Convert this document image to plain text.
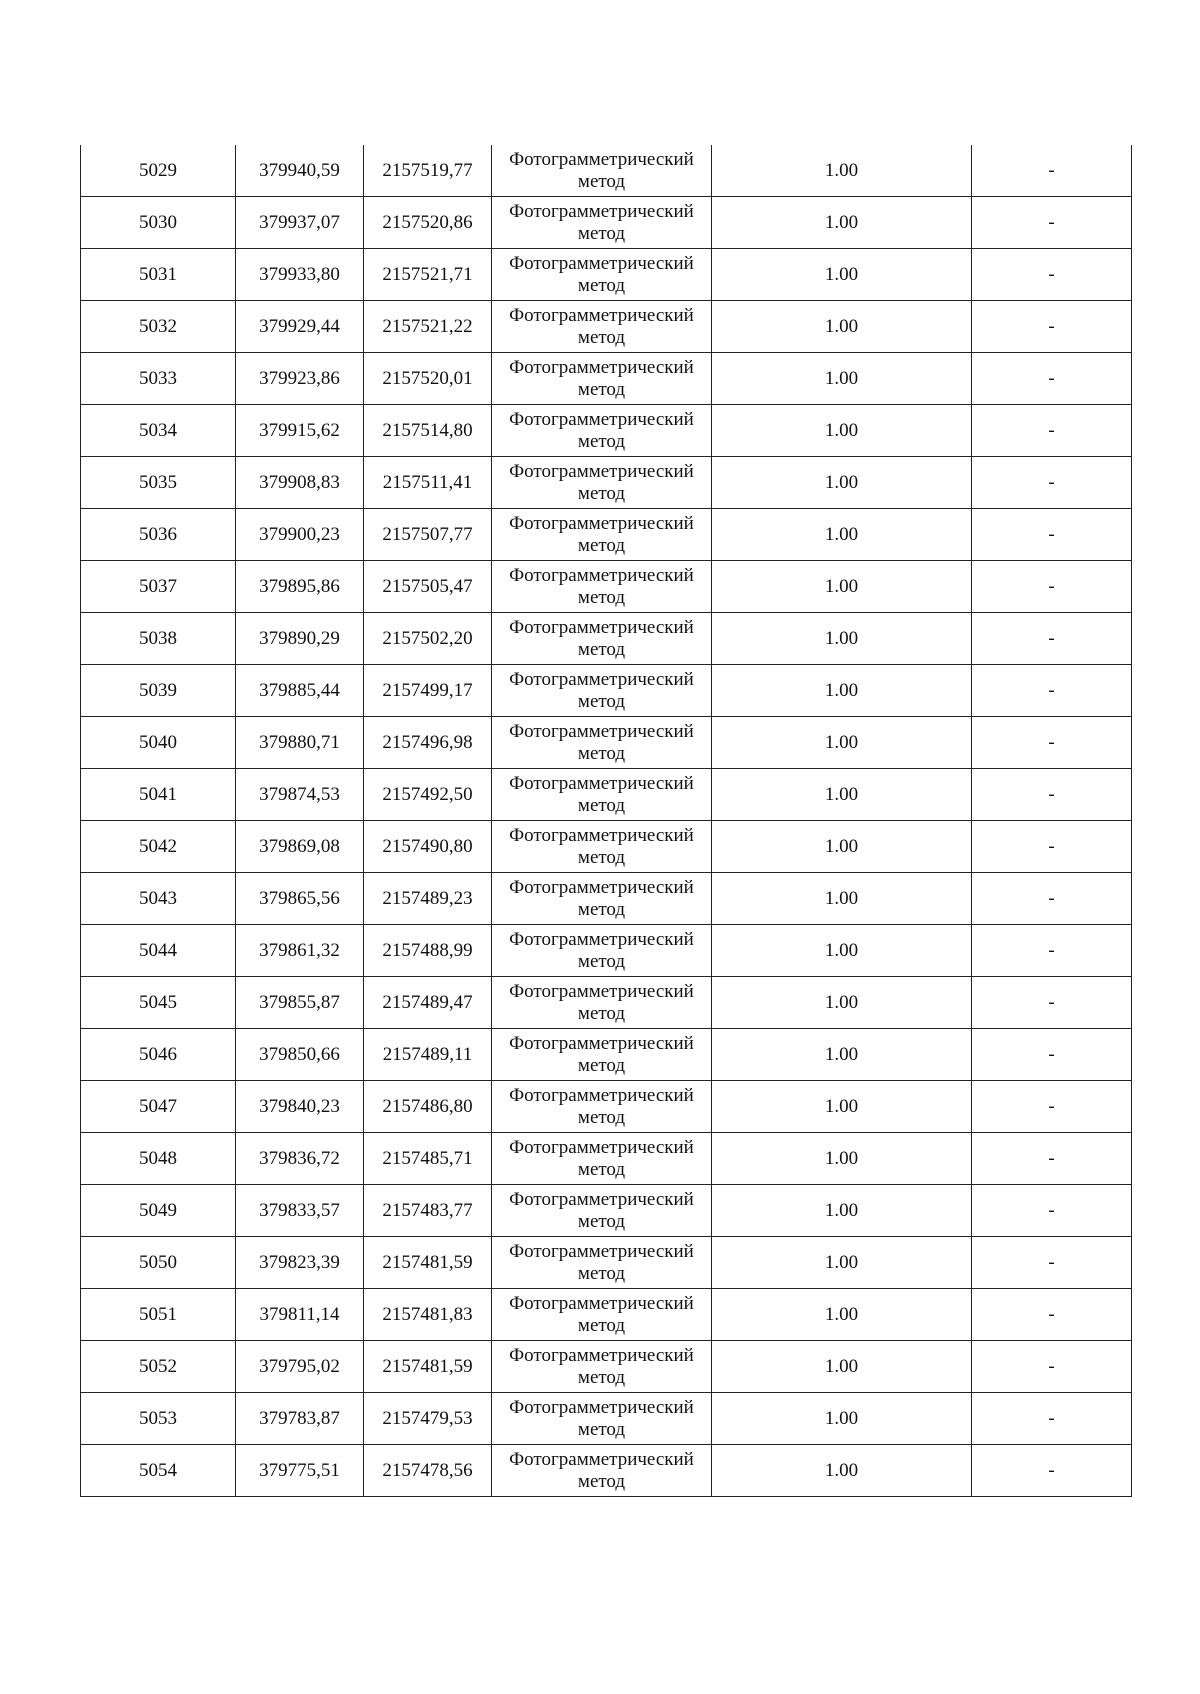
5029	379940,59	2157519,77	Фотограмметрический
метод	1.00	-
5030	379937,07	2157520,86	Фотограмметрический
метод	1.00	-
5031	379933,80	2157521,71	Фотограмметрический
метод	1.00	-
5032	379929,44	2157521,22	Фотограмметрический
метод	1.00	-
5033	379923,86	2157520,01	Фотограмметрический
метод	1.00	-
5034	379915,62	2157514,80	Фотограмметрический
метод	1.00	-
5035	379908,83	2157511,41	Фотограмметрический
метод	1.00	-
5036	379900,23	2157507,77	Фотограмметрический
метод	1.00	-
5037	379895,86	2157505,47	Фотограмметрический
метод	1.00	-
5038	379890,29	2157502,20	Фотограмметрический
метод	1.00	-
5039	379885,44	2157499,17	Фотограмметрический
метод	1.00	-
5040	379880,71	2157496,98	Фотограмметрический
метод	1.00	-
5041	379874,53	2157492,50	Фотограмметрический
метод	1.00	-
5042	379869,08	2157490,80	Фотограмметрический
метод	1.00	-
5043	379865,56	2157489,23	Фотограмметрический
метод	1.00	-
5044	379861,32	2157488,99	Фотограмметрический
метод	1.00	-
5045	379855,87	2157489,47	Фотограмметрический
метод	1.00	-
5046	379850,66	2157489,11	Фотограмметрический
метод	1.00	-
5047	379840,23	2157486,80	Фотограмметрический
метод	1.00	-
5048	379836,72	2157485,71	Фотограмметрический
метод	1.00	-
5049	379833,57	2157483,77	Фотограмметрический
метод	1.00	-
5050	379823,39	2157481,59	Фотограмметрический
метод	1.00	-
5051	379811,14	2157481,83	Фотограмметрический
метод	1.00	-
5052	379795,02	2157481,59	Фотограмметрический
метод	1.00	-
5053	379783,87	2157479,53	Фотограмметрический
метод	1.00	-
5054	379775,51	2157478,56	Фотограмметрический
метод	1.00	-
